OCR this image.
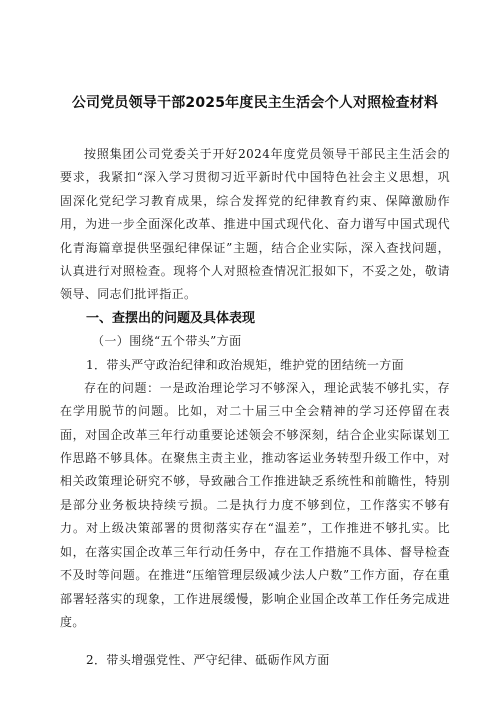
公司党员领导干部2025年度民主生活会个人对照检查材料

按照集团公司党委关于开好2024年度党员领导干部民主生活会的要求，我紧扣“深入学习贯彻习近平新时代中国特色社会主义思想，巩固深化党纪学习教育成果，综合发挥党的纪律教育约束、保障激励作用，为进一步全面深化改革、推进中国式现代化、奋力谱写中国式现代化青海篇章提供坚强纪律保证”主题，结合企业实际，深入查找问题，认真进行对照检查。现将个人对照检查情况汇报如下，不妥之处，敬请领导、同志们批评指正。

一、查摆出的问题及具体表现

（一）围绕“五个带头”方面

1．带头严守政治纪律和政治规矩，维护党的团结统一方面

存在的问题：一是政治理论学习不够深入，理论武装不够扎实，存在学用脱节的问题。比如，对二十届三中全会精神的学习还停留在表面，对国企改革三年行动重要论述领会不够深刻，结合企业实际谋划工作思路不够具体。在聚焦主责主业，推动客运业务转型升级工作中，对相关政策理论研究不够，导致融合工作推进缺乏系统性和前瞻性，特别是部分业务板块持续亏损。二是执行力度不够到位，工作落实不够有力。对上级决策部署的贯彻落实存在“温差”，工作推进不够扎实。比如，在落实国企改革三年行动任务中，存在工作措施不具体、督导检查不及时等问题。在推进“压缩管理层级减少法人户数”工作方面，存在重部署轻落实的现象，工作进展缓慢，影响企业国企改革工作任务完成进度。

2．带头增强党性、严守纪律、砥砺作风方面
